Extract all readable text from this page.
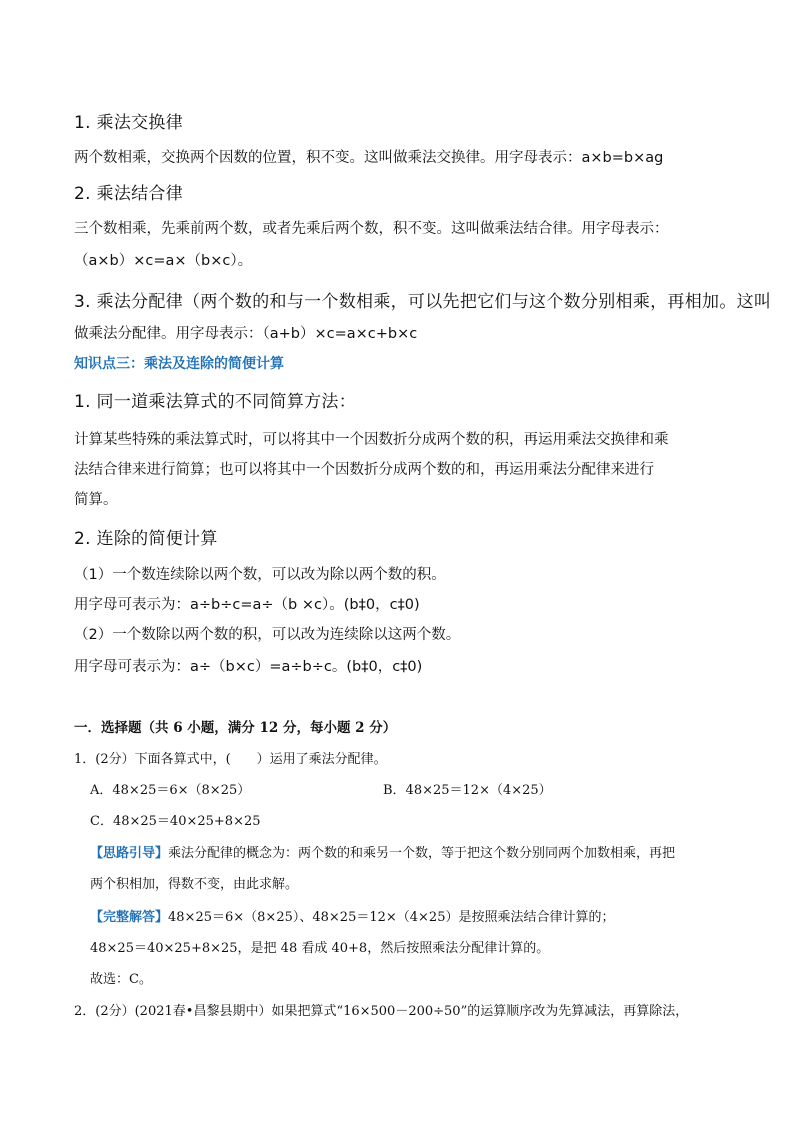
1. 乘法交换律
两个数相乘，交换两个因数的位置，积不变。这叫做乘法交换律。用字母表示：a×b=b×ag
2. 乘法结合律
三个数相乘，先乘前两个数，或者先乘后两个数，积不变。这叫做乘法结合律。用字母表示：
（a×b）×c=a×（b×c）。
3. 乘法分配律（两个数的和与一个数相乘，可以先把它们与这个数分别相乘，再相加。这叫
做乘法分配律。用字母表示：（a+b）×c=a×c+b×c
知识点三：乘法及连除的简便计算
1. 同一道乘法算式的不同简算方法：
计算某些特殊的乘法算式时，可以将其中一个因数折分成两个数的积，再运用乘法交换律和乘
法结合律来进行简算；也可以将其中一个因数折分成两个数的和，再运用乘法分配律来进行
简算。
2. 连除的简便计算
（1）一个数连续除以两个数，可以改为除以两个数的积。
用字母可表示为：a÷b÷c=a÷（b ×c）。(b‡0，c‡0)
（2）一个数除以两个数的积，可以改为连续除以这两个数。
用字母可表示为：a÷（b×c）=a÷b÷c。(b‡0，c‡0)
一．选择题（共 6 小题，满分 12 分，每小题 2 分）
1．(2分）下面各算式中，(　　）运用了乘法分配律。
A．48×25＝6×（8×25）	B．48×25＝12×（4×25）
C．48×25＝40×25+8×25
【思路引导】乘法分配律的概念为：两个数的和乘另一个数，等于把这个数分别同两个加数相乘，再把
两个积相加，得数不变，由此求解。
【完整解答】48×25＝6×（8×25）、48×25＝12×（4×25）是按照乘法结合律计算的；
48×25＝40×25+8×25，是把 48 看成 40+8，然后按照乘法分配律计算的。
故选：C。
2．(2分）(2021春•昌黎县期中）如果把算式“16×500－200÷50”的运算顺序改为先算减法，再算除法，
